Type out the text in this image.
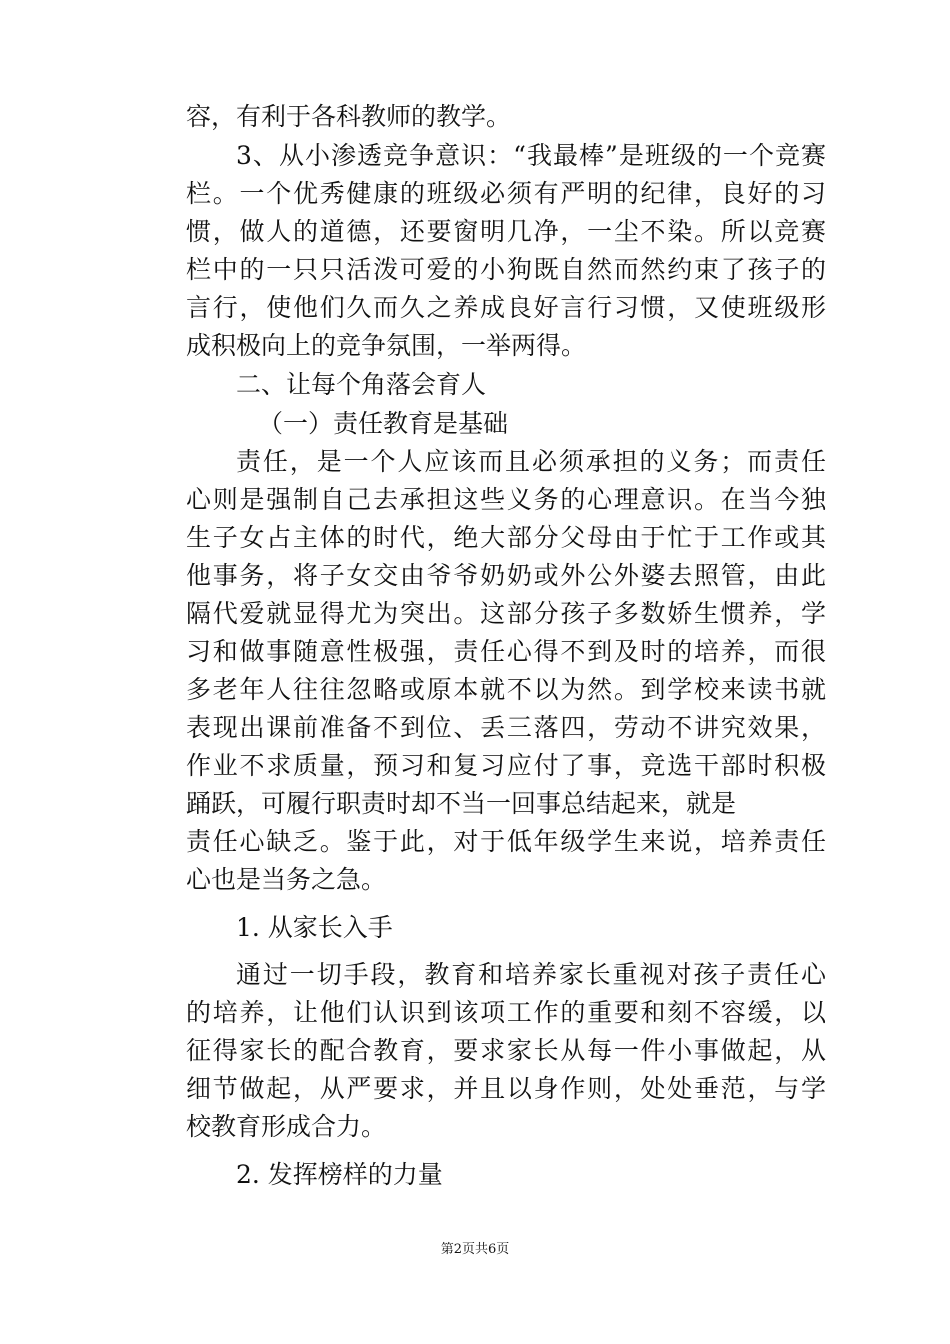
容，有利于各科教师的教学。
3、从小渗透竞争意识：“我最棒”是班级的一个竞赛
栏。一个优秀健康的班级必须有严明的纪律，良好的习
惯，做人的道德，还要窗明几净，一尘不染。所以竞赛
栏中的一只只活泼可爱的小狗既自然而然约束了孩子的
言行，使他们久而久之养成良好言行习惯，又使班级形
成积极向上的竞争氛围，一举两得。
二、让每个角落会育人
（一）责任教育是基础
责任，是一个人应该而且必须承担的义务；而责任
心则是强制自己去承担这些义务的心理意识。在当今独
生子女占主体的时代，绝大部分父母由于忙于工作或其
他事务，将子女交由爷爷奶奶或外公外婆去照管，由此
隔代爱就显得尤为突出。这部分孩子多数娇生惯养，学
习和做事随意性极强，责任心得不到及时的培养，而很
多老年人往往忽略或原本就不以为然。到学校来读书就
表现出课前准备不到位、丢三落四，劳动不讲究效果，
作业不求质量，预习和复习应付了事，竞选干部时积极
踊跃，可履行职责时却不当一回事总结起来，就是
责任心缺乏。鉴于此，对于低年级学生来说，培养责任
心也是当务之急。
1. 从家长入手
通过一切手段，教育和培养家长重视对孩子责任心
的培养，让他们认识到该项工作的重要和刻不容缓，以
征得家长的配合教育，要求家长从每一件小事做起，从
细节做起，从严要求，并且以身作则，处处垂范，与学
校教育形成合力。
2. 发挥榜样的力量
第2页共6页
